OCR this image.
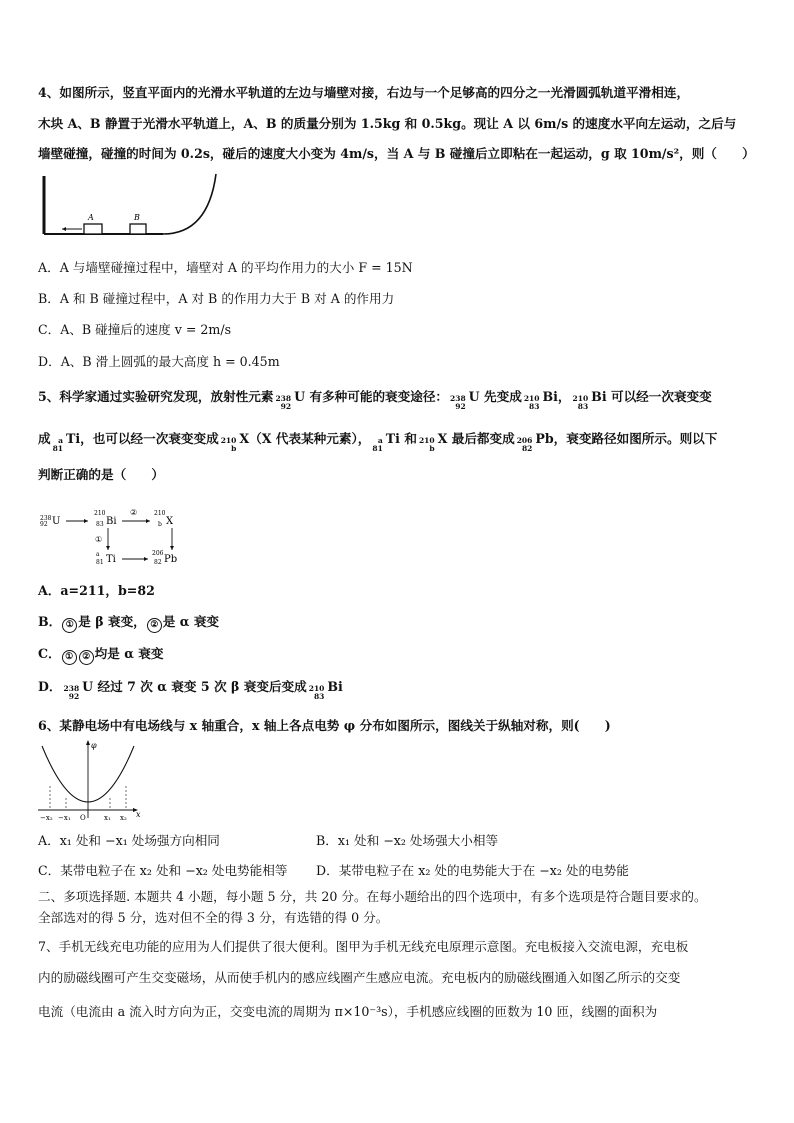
4、如图所示，竖直平面内的光滑水平轨道的左边与墙壁对接，右边与一个足够高的四分之一光滑圆弧轨道平滑相连，
木块 A、B 静置于光滑水平轨道上，A、B 的质量分别为 1.5kg 和 0.5kg。现让 A 以 6m/s 的速度水平向左运动，之后与
墙壁碰撞，碰撞的时间为 0.2s，碰后的速度大小变为 4m/s，当 A 与 B 碰撞后立即粘在一起运动，g 取 10m/s²，则（　　）
A	B
A．A 与墙壁碰撞过程中，墙壁对 A 的平均作用力的大小 F = 15N
B．A 和 B 碰撞过程中，A 对 B 的作用力大于 B 对 A 的作用力
C．A、B 碰撞后的速度 v = 2m/s
D．A、B 滑上圆弧的最大高度 h = 0.45m
5、科学家通过实验研究发现，放射性元素 238
92
U 有多种可能的衰变途径： 238
92
U 先变成 210
83
Bi， 210
83
Bi 可以经一次衰变变
成	a
81
Ti，也可以经一次衰变变成 210
b
X（X 代表某种元素），	a
81
Ti 和 210
b
X 最后都变成 206
82
Pb，衰变路径如图所示。则以下
判断正确的是（　　）
238
92 U
210
83 Bi
②	210
b X
①
a
81 Ti
206
82 Pb
A．a=211，b=82
B． ① 是 β 衰变， ② 是 α 衰变
C． ① ② 均是 α 衰变
D． 238
92
U 经过 7 次 α 衰变 5 次 β 衰变后变成 210
83
Bi
6、某静电场中有电场线与 x 轴重合，x 轴上各点电势 φ 分布如图所示，图线关于纵轴对称，则(　　)
φ
x
−x₂ −x₁ O	x₁ x₂
A．x₁ 处和 −x₁ 处场强方向相同	B．x₁ 处和 −x₂ 处场强大小相等
C．某带电粒子在 x₂ 处和 −x₂ 处电势能相等 D．某带电粒子在 x₂ 处的电势能大于在 −x₂ 处的电势能
二、多项选择题. 本题共 4 小题，每小题 5 分，共 20 分。在每小题给出的四个选项中，有多个选项是符合题目要求的。
全部选对的得 5 分，选对但不全的得 3 分，有选错的得 0 分。
7、手机无线充电功能的应用为人们提供了很大便利。图甲为手机无线充电原理示意图。充电板接入交流电源，充电板
内的励磁线圈可产生交变磁场，从而使手机内的感应线圈产生感应电流。充电板内的励磁线圈通入如图乙所示的交变
电流（电流由 a 流入时方向为正，交变电流的周期为 π×10⁻³s），手机感应线圈的匝数为 10 匝，线圈的面积为
